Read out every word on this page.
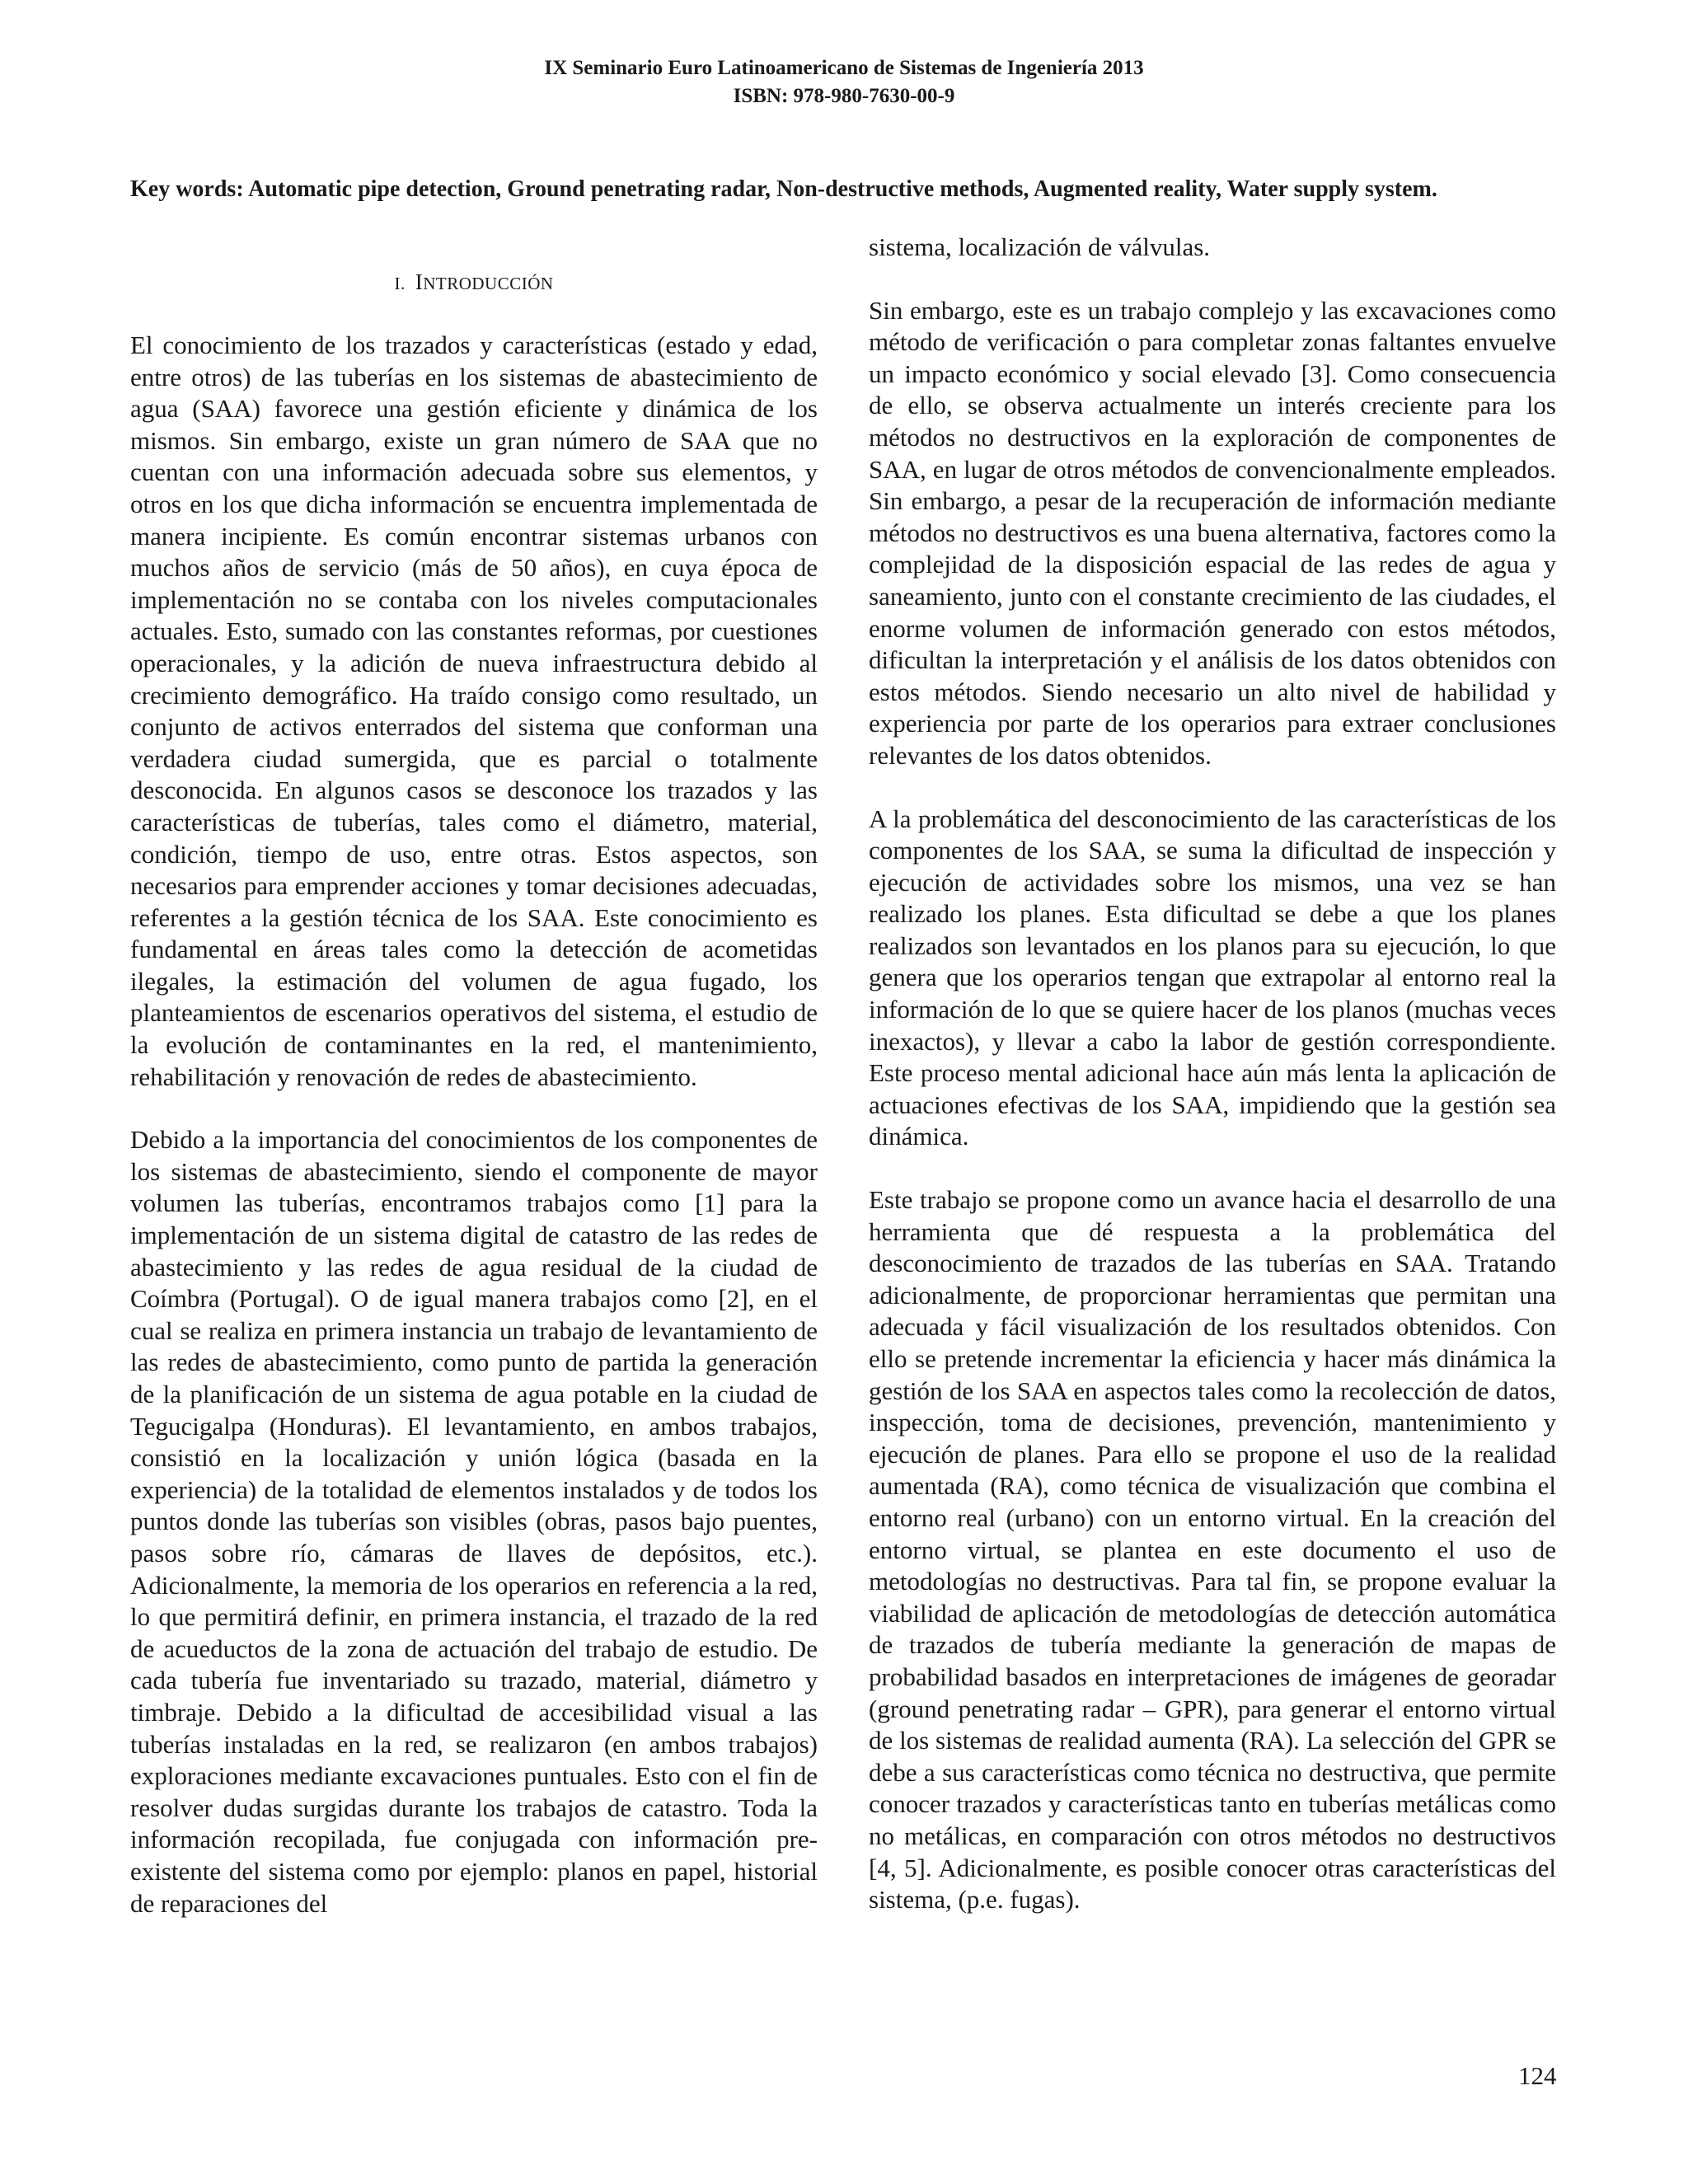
IX Seminario Euro Latinoamericano de Sistemas de Ingeniería 2013
ISBN: 978-980-7630-00-9
Key words: Automatic pipe detection, Ground penetrating radar, Non-destructive methods, Augmented reality, Water supply system.
I. INTRODUCCIÓN

El conocimiento de los trazados y características (estado y edad, entre otros) de las tuberías en los sistemas de abastecimiento de agua (SAA) favorece una gestión eficiente y dinámica de los mismos. Sin embargo, existe un gran número de SAA que no cuentan con una información adecuada sobre sus elementos, y otros en los que dicha información se encuentra implementada de manera incipiente. Es común encontrar sistemas urbanos con muchos años de servicio (más de 50 años), en cuya época de implementación no se contaba con los niveles computacionales actuales. Esto, sumado con las constantes reformas, por cuestiones operacionales, y la adición de nueva infraestructura debido al crecimiento demográfico. Ha traído consigo como resultado, un conjunto de activos enterrados del sistema que conforman una verdadera ciudad sumergida, que es parcial o totalmente desconocida. En algunos casos se desconoce los trazados y las características de tuberías, tales como el diámetro, material, condición, tiempo de uso, entre otras. Estos aspectos, son necesarios para emprender acciones y tomar decisiones adecuadas, referentes a la gestión técnica de los SAA. Este conocimiento es fundamental en áreas tales como la detección de acometidas ilegales, la estimación del volumen de agua fugado, los planteamientos de escenarios operativos del sistema, el estudio de la evolución de contaminantes en la red, el mantenimiento, rehabilitación y renovación de redes de abastecimiento.

Debido a la importancia del conocimientos de los componentes de los sistemas de abastecimiento, siendo el componente de mayor volumen las tuberías, encontramos trabajos como [1] para la implementación de un sistema digital de catastro de las redes de abastecimiento y las redes de agua residual de la ciudad de Coímbra (Portugal). O de igual manera trabajos como [2], en el cual se realiza en primera instancia un trabajo de levantamiento de las redes de abastecimiento, como punto de partida la generación de la planificación de un sistema de agua potable en la ciudad de Tegucigalpa (Honduras). El levantamiento, en ambos trabajos, consistió en la localización y unión lógica (basada en la experiencia) de la totalidad de elementos instalados y de todos los puntos donde las tuberías son visibles (obras, pasos bajo puentes, pasos sobre río, cámaras de llaves de depósitos, etc.). Adicionalmente, la memoria de los operarios en referencia a la red, lo que permitirá definir, en primera instancia, el trazado de la red de acueductos de la zona de actuación del trabajo de estudio. De cada tubería fue inventariado su trazado, material, diámetro y timbraje. Debido a la dificultad de accesibilidad visual a las tuberías instaladas en la red, se realizaron (en ambos trabajos) exploraciones mediante excavaciones puntuales. Esto con el fin de resolver dudas surgidas durante los trabajos de catastro. Toda la información recopilada, fue conjugada con información pre-existente del sistema como por ejemplo: planos en papel, historial de reparaciones del

sistema, localización de válvulas.

Sin embargo, este es un trabajo complejo y las excavaciones como método de verificación o para completar zonas faltantes envuelve un impacto económico y social elevado [3]. Como consecuencia de ello, se observa actualmente un interés creciente para los métodos no destructivos en la exploración de componentes de SAA, en lugar de otros métodos de convencionalmente empleados. Sin embargo, a pesar de la recuperación de información mediante métodos no destructivos es una buena alternativa, factores como la complejidad de la disposición espacial de las redes de agua y saneamiento, junto con el constante crecimiento de las ciudades, el enorme volumen de información generado con estos métodos, dificultan la interpretación y el análisis de los datos obtenidos con estos métodos. Siendo necesario un alto nivel de habilidad y experiencia por parte de los operarios para extraer conclusiones relevantes de los datos obtenidos.

A la problemática del desconocimiento de las características de los componentes de los SAA, se suma la dificultad de inspección y ejecución de actividades sobre los mismos, una vez se han realizado los planes. Esta dificultad se debe a que los planes realizados son levantados en los planos para su ejecución, lo que genera que los operarios tengan que extrapolar al entorno real la información de lo que se quiere hacer de los planos (muchas veces inexactos), y llevar a cabo la labor de gestión correspondiente. Este proceso mental adicional hace aún más lenta la aplicación de actuaciones efectivas de los SAA, impidiendo que la gestión sea dinámica.

Este trabajo se propone como un avance hacia el desarrollo de una herramienta que dé respuesta a la problemática del desconocimiento de trazados de las tuberías en SAA. Tratando adicionalmente, de proporcionar herramientas que permitan una adecuada y fácil visualización de los resultados obtenidos. Con ello se pretende incrementar la eficiencia y hacer más dinámica la gestión de los SAA en aspectos tales como la recolección de datos, inspección, toma de decisiones, prevención, mantenimiento y ejecución de planes. Para ello se propone el uso de la realidad aumentada (RA), como técnica de visualización que combina el entorno real (urbano) con un entorno virtual. En la creación del entorno virtual, se plantea en este documento el uso de metodologías no destructivas. Para tal fin, se propone evaluar la viabilidad de aplicación de metodologías de detección automática de trazados de tubería mediante la generación de mapas de probabilidad basados en interpretaciones de imágenes de georadar (ground penetrating radar – GPR), para generar el entorno virtual de los sistemas de realidad aumenta (RA). La selección del GPR se debe a sus características como técnica no destructiva, que permite conocer trazados y características tanto en tuberías metálicas como no metálicas, en comparación con otros métodos no destructivos [4, 5]. Adicionalmente, es posible conocer otras características del sistema, (p.e. fugas).

124
